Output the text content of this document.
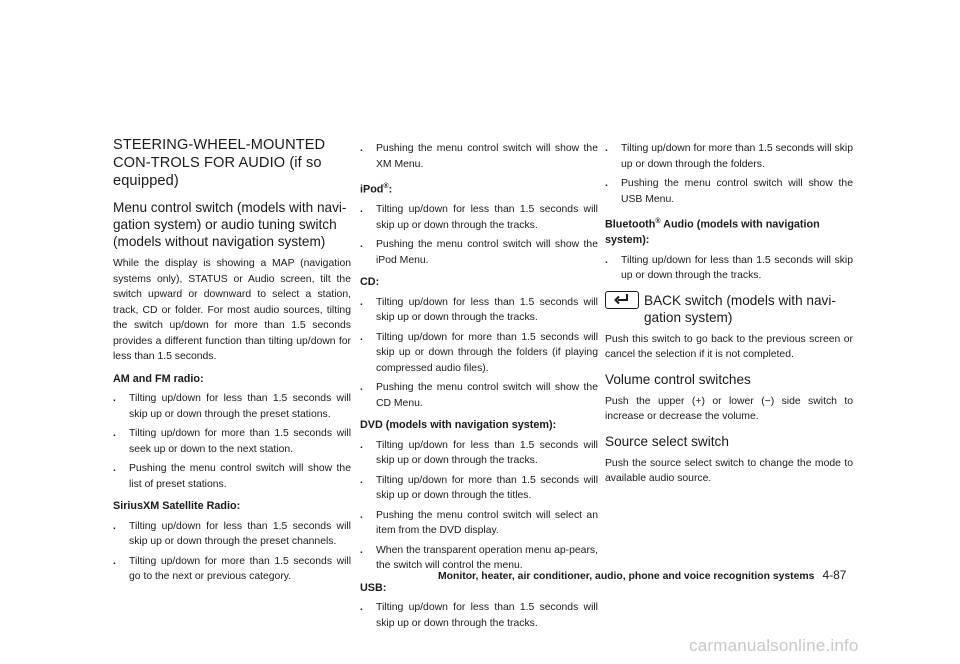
STEERING-WHEEL-MOUNTED CON-TROLS FOR AUDIO (if so equipped)
Menu control switch (models with navi-gation system) or audio tuning switch (models without navigation system)
While the display is showing a MAP (navigation systems only), STATUS or Audio screen, tilt the switch upward or downward to select a station, track, CD or folder. For most audio sources, tilting the switch up/down for more than 1.5 seconds provides a different function than tilting up/down for less than 1.5 seconds.
AM and FM radio:
. Tilting up/down for less than 1.5 seconds will skip up or down through the preset stations.
. Tilting up/down for more than 1.5 seconds will seek up or down to the next station.
. Pushing the menu control switch will show the list of preset stations.
SiriusXM Satellite Radio:
. Tilting up/down for less than 1.5 seconds will skip up or down through the preset channels.
. Tilting up/down for more than 1.5 seconds will go to the next or previous category.
. Pushing the menu control switch will show the XM Menu.
iPod®:
. Tilting up/down for less than 1.5 seconds will skip up or down through the tracks.
. Pushing the menu control switch will show the iPod Menu.
CD:
. Tilting up/down for less than 1.5 seconds will skip up or down through the tracks.
. Tilting up/down for more than 1.5 seconds will skip up or down through the folders (if playing compressed audio files).
. Pushing the menu control switch will show the CD Menu.
DVD (models with navigation system):
. Tilting up/down for less than 1.5 seconds will skip up or down through the tracks.
. Tilting up/down for more than 1.5 seconds will skip up or down through the titles.
. Pushing the menu control switch will select an item from the DVD display.
. When the transparent operation menu ap-pears, the switch will control the menu.
USB:
. Tilting up/down for less than 1.5 seconds will skip up or down through the tracks.
. Tilting up/down for more than 1.5 seconds will skip up or down through the folders.
. Pushing the menu control switch will show the USB Menu.
Bluetooth® Audio (models with navigation system):
. Tilting up/down for less than 1.5 seconds will skip up or down through the tracks.
BACK switch (models with navi-gation system)
Push this switch to go back to the previous screen or cancel the selection if it is not completed.
Volume control switches
Push the upper (+) or lower (−) side switch to increase or decrease the volume.
Source select switch
Push the source select switch to change the mode to available audio source.
Monitor, heater, air conditioner, audio, phone and voice recognition systems 4-87
carmanualsonline.info
